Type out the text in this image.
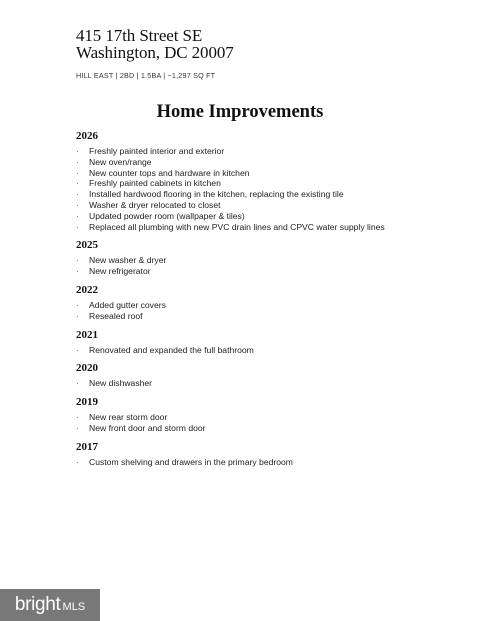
415 17th Street SE
Washington, DC 20007
HILL EAST | 2BD | 1.5BA | ~1,297 SQ FT
Home Improvements
2026
· Freshly painted interior and exterior
· New oven/range
· New counter tops and hardware in kitchen
· Freshly painted cabinets in kitchen
· Installed hardwood flooring in the kitchen, replacing the existing tile
· Washer & dryer relocated to closet
· Updated powder room (wallpaper & tiles)
· Replaced all plumbing with new PVC drain lines and CPVC water supply lines
2025
· New washer & dryer
· New refrigerator
2022
· Added gutter covers
· Resealed roof
2021
· Renovated and expanded the full bathroom
2020
· New dishwasher
2019
· New rear storm door
· New front door and storm door
2017
· Custom shelving and drawers in the primary bedroom
bright MLS
